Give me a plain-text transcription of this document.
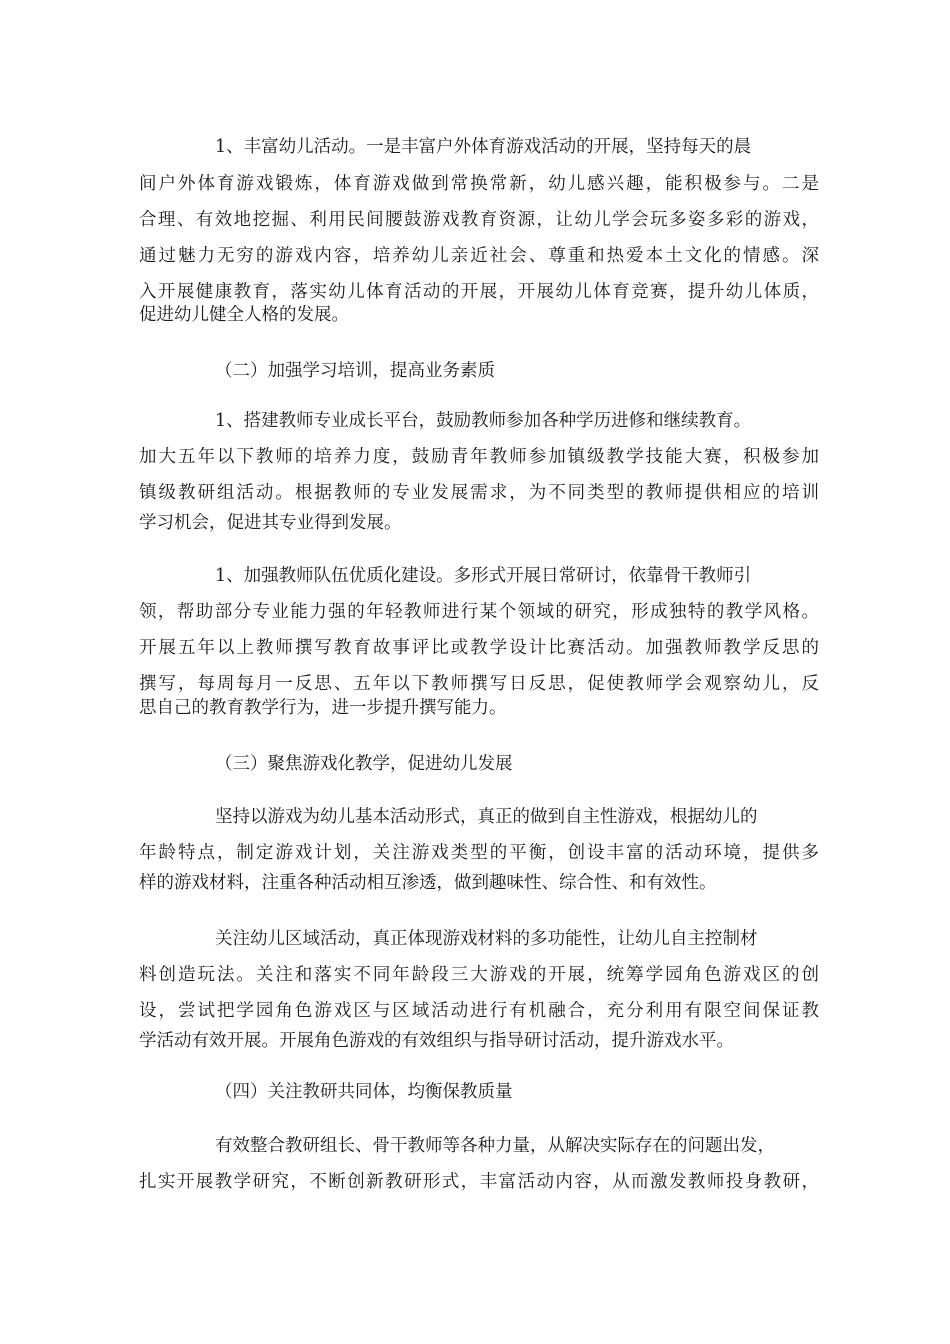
1、丰富幼儿活动。一是丰富户外体育游戏活动的开展，坚持每天的晨
间户外体育游戏锻炼，体育游戏做到常换常新，幼儿感兴趣，能积极参与。二是
合理、有效地挖掘、利用民间腰鼓游戏教育资源，让幼儿学会玩多姿多彩的游戏，
通过魅力无穷的游戏内容，培养幼儿亲近社会、尊重和热爱本土文化的情感。深
入开展健康教育，落实幼儿体育活动的开展，开展幼儿体育竞赛，提升幼儿体质，
促进幼儿健全人格的发展。
（二）加强学习培训，提高业务素质
1、搭建教师专业成长平台，鼓励教师参加各种学历进修和继续教育。
加大五年以下教师的培养力度，鼓励青年教师参加镇级教学技能大赛，积极参加
镇级教研组活动。根据教师的专业发展需求，为不同类型的教师提供相应的培训
学习机会，促进其专业得到发展。
1、加强教师队伍优质化建设。多形式开展日常研讨，依靠骨干教师引
领，帮助部分专业能力强的年轻教师进行某个领域的研究，形成独特的教学风格。
开展五年以上教师撰写教育故事评比或教学设计比赛活动。加强教师教学反思的
撰写，每周每月一反思、五年以下教师撰写日反思，促使教师学会观察幼儿，反
思自己的教育教学行为，进一步提升撰写能力。
（三）聚焦游戏化教学，促进幼儿发展
坚持以游戏为幼儿基本活动形式，真正的做到自主性游戏，根据幼儿的
年龄特点，制定游戏计划，关注游戏类型的平衡，创设丰富的活动环境，提供多
样的游戏材料，注重各种活动相互渗透，做到趣味性、综合性、和有效性。
关注幼儿区域活动，真正体现游戏材料的多功能性，让幼儿自主控制材
料创造玩法。关注和落实不同年龄段三大游戏的开展，统筹学园角色游戏区的创
设，尝试把学园角色游戏区与区域活动进行有机融合，充分利用有限空间保证教
学活动有效开展。开展角色游戏的有效组织与指导研讨活动，提升游戏水平。
（四）关注教研共同体，均衡保教质量
有效整合教研组长、骨干教师等各种力量，从解决实际存在的问题出发，
扎实开展教学研究，不断创新教研形式，丰富活动内容，从而激发教师投身教研，
